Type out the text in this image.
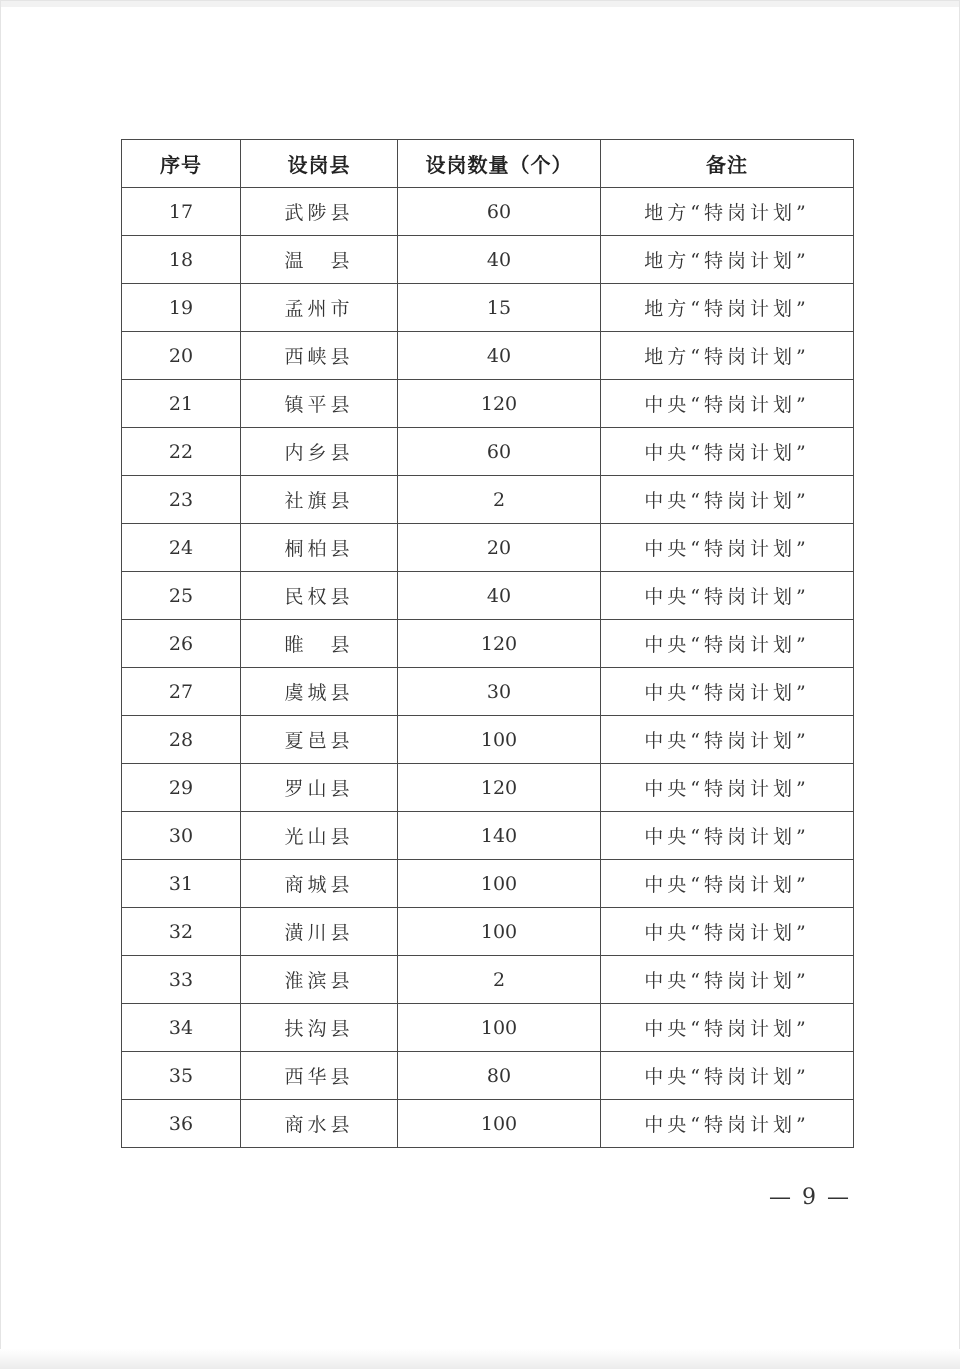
序号	设岗县	设岗数量（个）	备注
17	武陟县	60	地方“特岗计划”
18	温　县	40	地方“特岗计划”
19	孟州市	15	地方“特岗计划”
20	西峡县	40	地方“特岗计划”
21	镇平县	120	中央“特岗计划”
22	内乡县	60	中央“特岗计划”
23	社旗县	2	中央“特岗计划”
24	桐柏县	20	中央“特岗计划”
25	民权县	40	中央“特岗计划”
26	睢　县	120	中央“特岗计划”
27	虞城县	30	中央“特岗计划”
28	夏邑县	100	中央“特岗计划”
29	罗山县	120	中央“特岗计划”
30	光山县	140	中央“特岗计划”
31	商城县	100	中央“特岗计划”
32	潢川县	100	中央“特岗计划”
33	淮滨县	2	中央“特岗计划”
34	扶沟县	100	中央“特岗计划”
35	西华县	80	中央“特岗计划”
36	商水县	100	中央“特岗计划”
— 9 —
